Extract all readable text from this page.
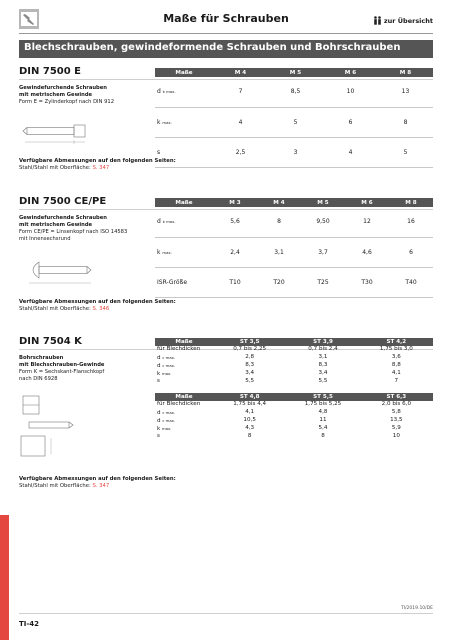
Maße für Schrauben	zur Übersicht
Blechschrauben, gewindeformende Schrauben und Bohrschrauben
DIN 7500 E
Gewindefurchende Schrauben
mit metrischem Gewinde
Form E = Zylinderkopf nach DIN 912
Maße	M 4	M 5	M 6	M 8
d k max.	7	8,5	10	13
k max.	4	5	6	8
s	2,5	3	4	5
Verfügbare Abmessungen auf den folgenden Seiten:
Stahl/Stahl mit Oberfläche: S. 347
DIN 7500 CE/PE
Gewindefurchende Schrauben
mit metrischem Gewinde
Form CE/PE = Linsenkopf nach ISO 14583
mit Innensechsrund
Maße	M 3	M 4	M 5	M 6	M 8
d k max.	5,6	8	9,50	12	16
k max.	2,4	3,1	3,7	4,6	6
ISR-Größe	T10	T20	T25	T30	T40
Verfügbare Abmessungen auf den folgenden Seiten:
Stahl/Stahl mit Oberfläche: S. 346
DIN 7504 K
Bohrschrauben
mit Blechschrauben-Gewinde
Form K = Sechskant-Flanschkopf
nach DIN 6928
Maße	ST 3,5	ST 3,9	ST 4,2
für Blechdicken	0,7 bis 2,25	0,7 bis 2,4	1,75 bis 3,0
d c max.	2,8	3,1	3,6
d c max.	8,3	8,3	8,8
k max.	3,4	3,4	4,1
s	5,5	5,5	7
Maße	ST 4,8	ST 5,5	ST 6,3
für Blechdicken	1,75 bis 4,4	1,75 bis 5,25	2,0 bis 6,0
d c max.	4,1	4,8	5,8
d c max.	10,5	11	13,5
k max.	4,3	5,4	5,9
s	8	8	10
Verfügbare Abmessungen auf den folgenden Seiten:
Stahl/Stahl mit Oberfläche: S. 347
TI/2019.10/DE
TI-42
